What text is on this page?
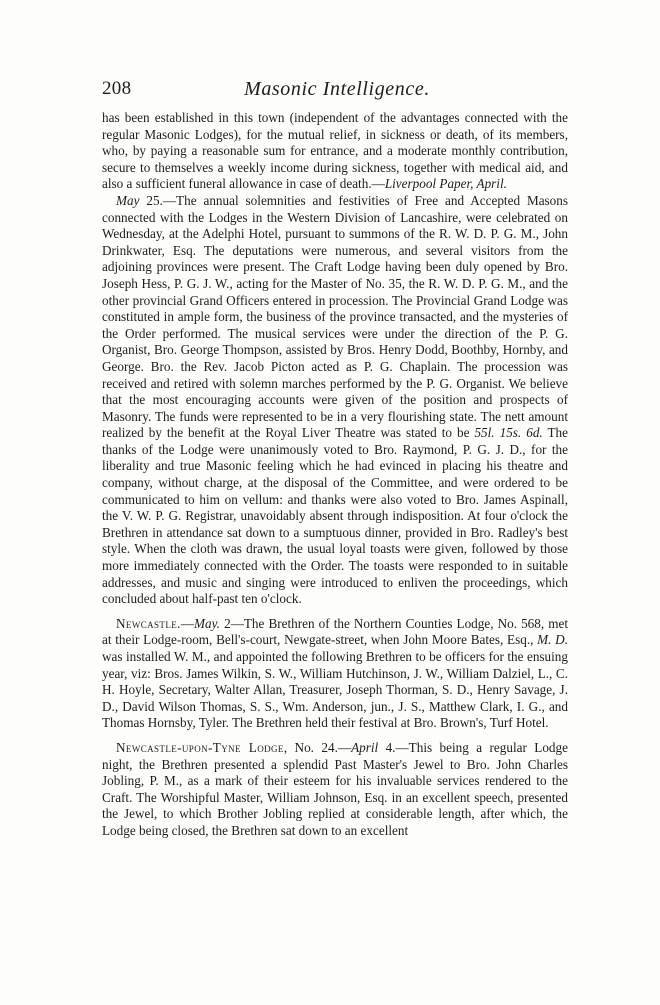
208	Masonic Intelligence.

has been established in this town (independent of the advantages connected with the regular Masonic Lodges), for the mutual relief, in sickness or death, of its members, who, by paying a reasonable sum for entrance, and a moderate monthly contribution, secure to themselves a weekly income during sickness, together with medical aid, and also a sufficient funeral allowance in case of death.—Liverpool Paper, April.

May 25.—The annual solemnities and festivities of Free and Accepted Masons connected with the Lodges in the Western Division of Lancashire, were celebrated on Wednesday, at the Adelphi Hotel, pursuant to summons of the R. W. D. P. G. M., John Drinkwater, Esq. The deputations were numerous, and several visitors from the adjoining provinces were present. The Craft Lodge having been duly opened by Bro. Joseph Hess, P. G. J. W., acting for the Master of No. 35, the R. W. D. P. G. M., and the other provincial Grand Officers entered in procession. The Provincial Grand Lodge was constituted in ample form, the business of the province transacted, and the mysteries of the Order performed. The musical services were under the direction of the P. G. Organist, Bro. George Thompson, assisted by Bros. Henry Dodd, Boothby, Hornby, and George. Bro. the Rev. Jacob Picton acted as P. G. Chaplain. The procession was received and retired with solemn marches performed by the P. G. Organist. We believe that the most encouraging accounts were given of the position and prospects of Masonry. The funds were represented to be in a very flourishing state. The nett amount realized by the benefit at the Royal Liver Theatre was stated to be 55l. 15s. 6d. The thanks of the Lodge were unanimously voted to Bro. Raymond, P. G. J. D., for the liberality and true Masonic feeling which he had evinced in placing his theatre and company, without charge, at the disposal of the Committee, and were ordered to be communicated to him on vellum: and thanks were also voted to Bro. James Aspinall, the V. W. P. G. Registrar, unavoidably absent through indisposition. At four o'clock the Brethren in attendance sat down to a sumptuous dinner, provided in Bro. Radley's best style. When the cloth was drawn, the usual loyal toasts were given, followed by those more immediately connected with the Order. The toasts were responded to in suitable addresses, and music and singing were introduced to enliven the proceedings, which concluded about half-past ten o'clock.

Newcastle.—May. 2—The Brethren of the Northern Counties Lodge, No. 568, met at their Lodge-room, Bell's-court, Newgate-street, when John Moore Bates, Esq., M. D. was installed W. M., and appointed the following Brethren to be officers for the ensuing year, viz: Bros. James Wilkin, S. W., William Hutchinson, J. W., William Dalziel, L., C. H. Hoyle, Secretary, Walter Allan, Treasurer, Joseph Thorman, S. D., Henry Savage, J. D., David Wilson Thomas, S. S., Wm. Anderson, jun., J. S., Matthew Clark, I. G., and Thomas Hornsby, Tyler. The Brethren held their festival at Bro. Brown's, Turf Hotel.

Newcastle-upon-Tyne Lodge, No. 24.—April 4.—This being a regular Lodge night, the Brethren presented a splendid Past Master's Jewel to Bro. John Charles Jobling, P. M., as a mark of their esteem for his invaluable services rendered to the Craft. The Worshipful Master, William Johnson, Esq. in an excellent speech, presented the Jewel, to which Brother Jobling replied at considerable length, after which, the Lodge being closed, the Brethren sat down to an excellent
